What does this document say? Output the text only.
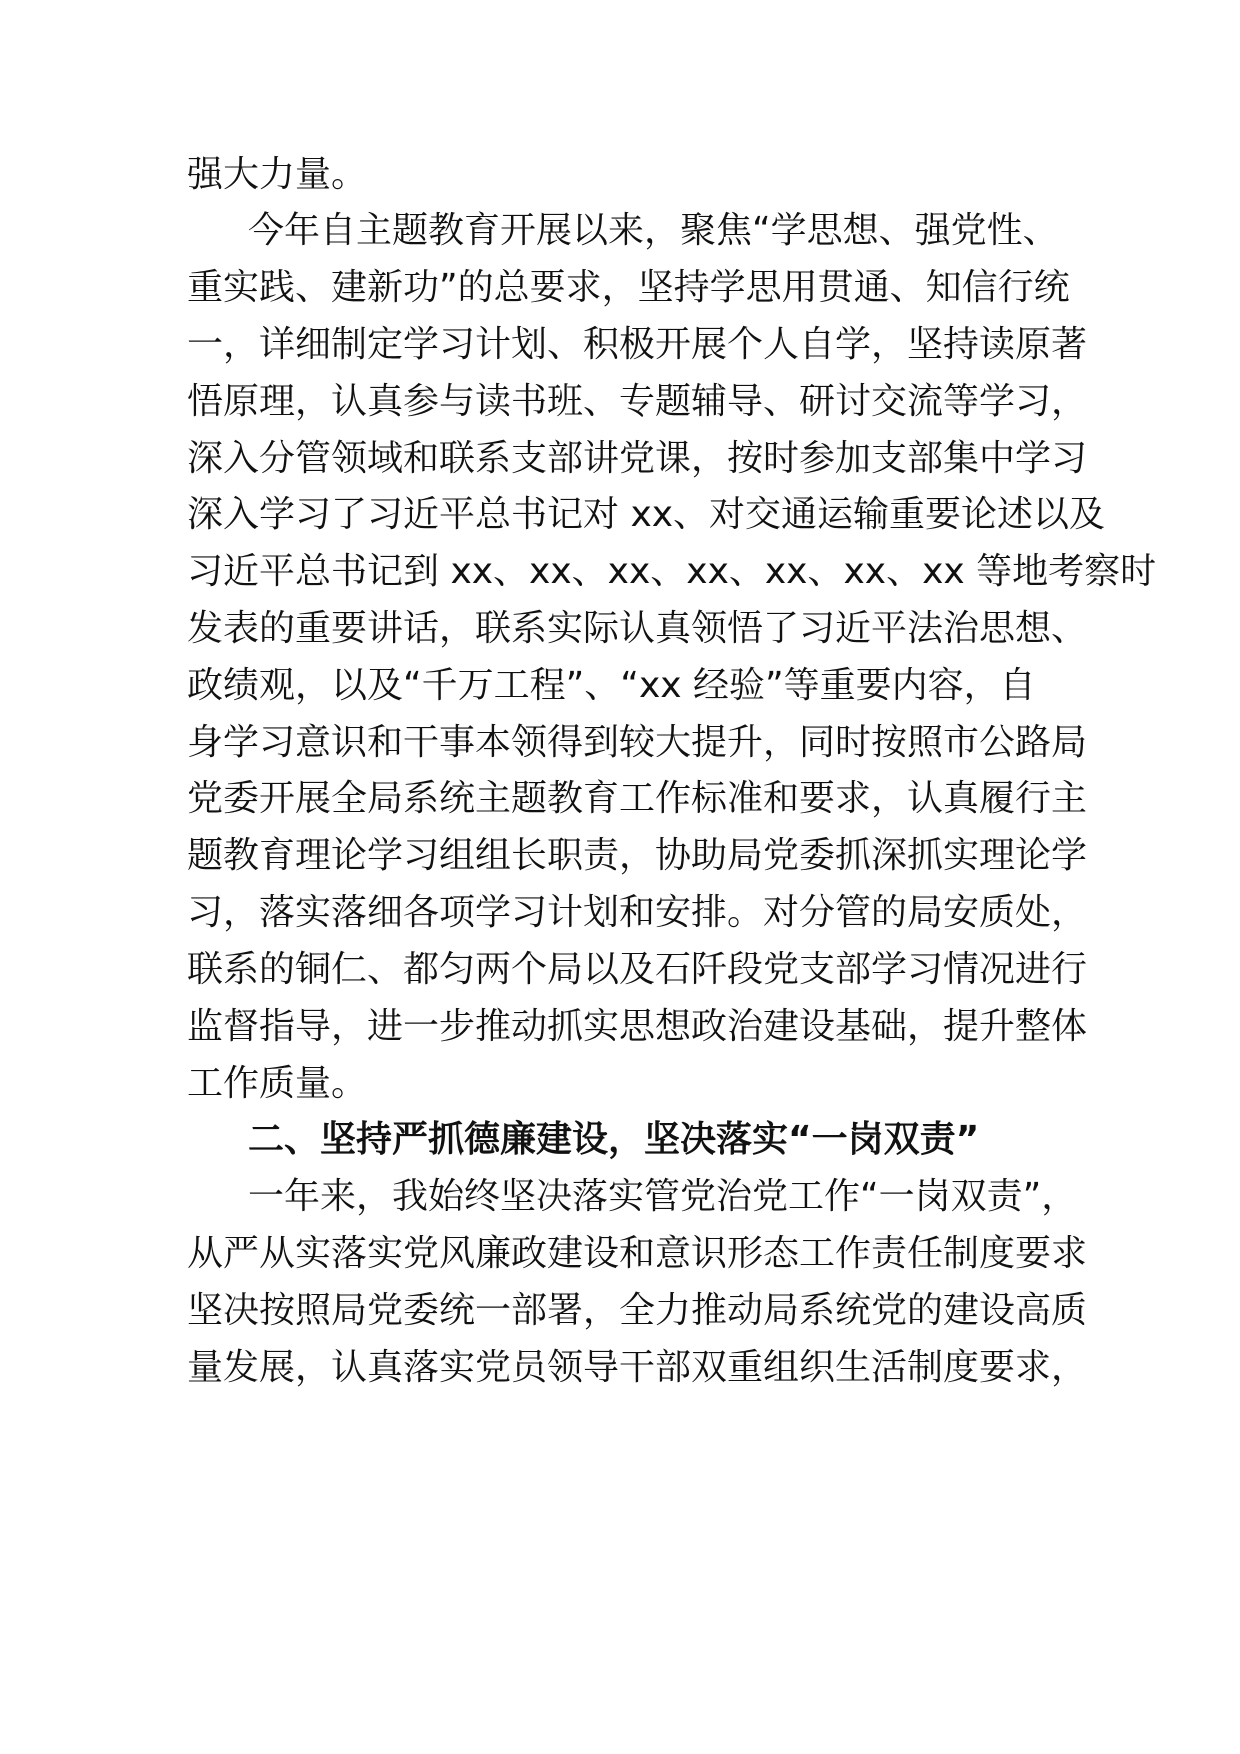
强大力量。
今年自主题教育开展以来，聚焦“学思想、强党性、
重实践、建新功”的总要求，坚持学思用贯通、知信行统
一，详细制定学习计划、积极开展个人自学，坚持读原著
悟原理，认真参与读书班、专题辅导、研讨交流等学习，
深入分管领域和联系支部讲党课，按时参加支部集中学习
深入学习了习近平总书记对 xx、对交通运输重要论述以及
习近平总书记到 xx、xx、xx、xx、xx、xx、xx 等地考察时
发表的重要讲话，联系实际认真领悟了习近平法治思想、
政绩观，以及“千万工程”、“xx 经验”等重要内容，自
身学习意识和干事本领得到较大提升，同时按照市公路局
党委开展全局系统主题教育工作标准和要求，认真履行主
题教育理论学习组组长职责，协助局党委抓深抓实理论学
习，落实落细各项学习计划和安排。对分管的局安质处，
联系的铜仁、都匀两个局以及石阡段党支部学习情况进行
监督指导，进一步推动抓实思想政治建设基础，提升整体
工作质量。
二、坚持严抓德廉建设，坚决落实“一岗双责”
一年来，我始终坚决落实管党治党工作“一岗双责”，
从严从实落实党风廉政建设和意识形态工作责任制度要求
坚决按照局党委统一部署，全力推动局系统党的建设高质
量发展，认真落实党员领导干部双重组织生活制度要求，
